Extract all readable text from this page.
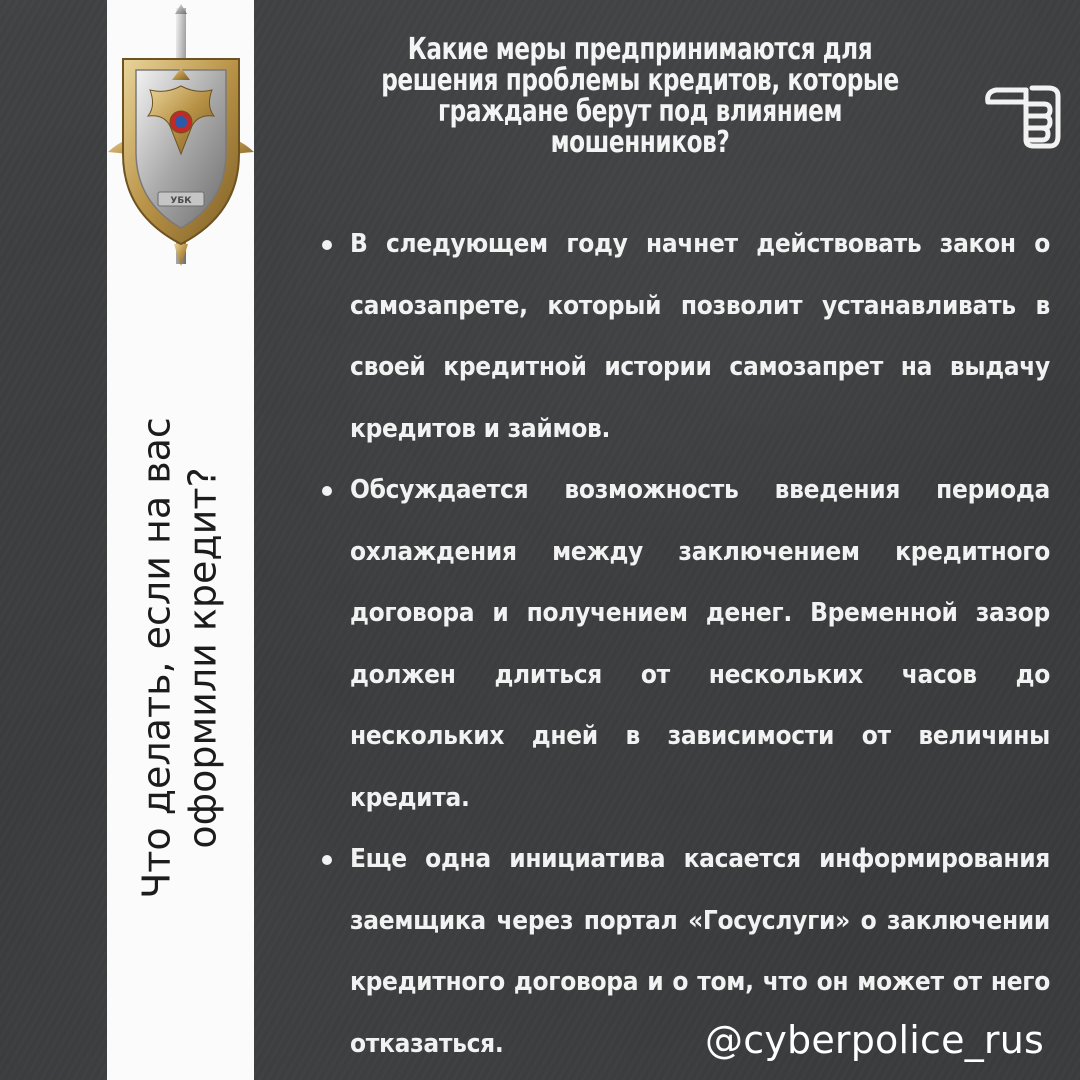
УБК
Что делать, если на вас
оформили кредит?
Какие меры предпринимаются для
решения проблемы кредитов, которые
граждане берут под влиянием
мошенников?
В следующем году начнет действовать закон о самозапрете, который позволит устанавливать в своей кредитной истории самозапрет на выдачу кредитов и займов.
Обсуждается возможность введения периода охлаждения между заключением кредитного договора и получением денег. Временной зазор должен длиться от нескольких часов до нескольких дней в зависимости от величины кредита.
Еще одна инициатива касается информирования заемщика через портал «Госуслуги» о заключении кредитного договора и о том, что он может от него отказаться.	@cyberpolice_rus
